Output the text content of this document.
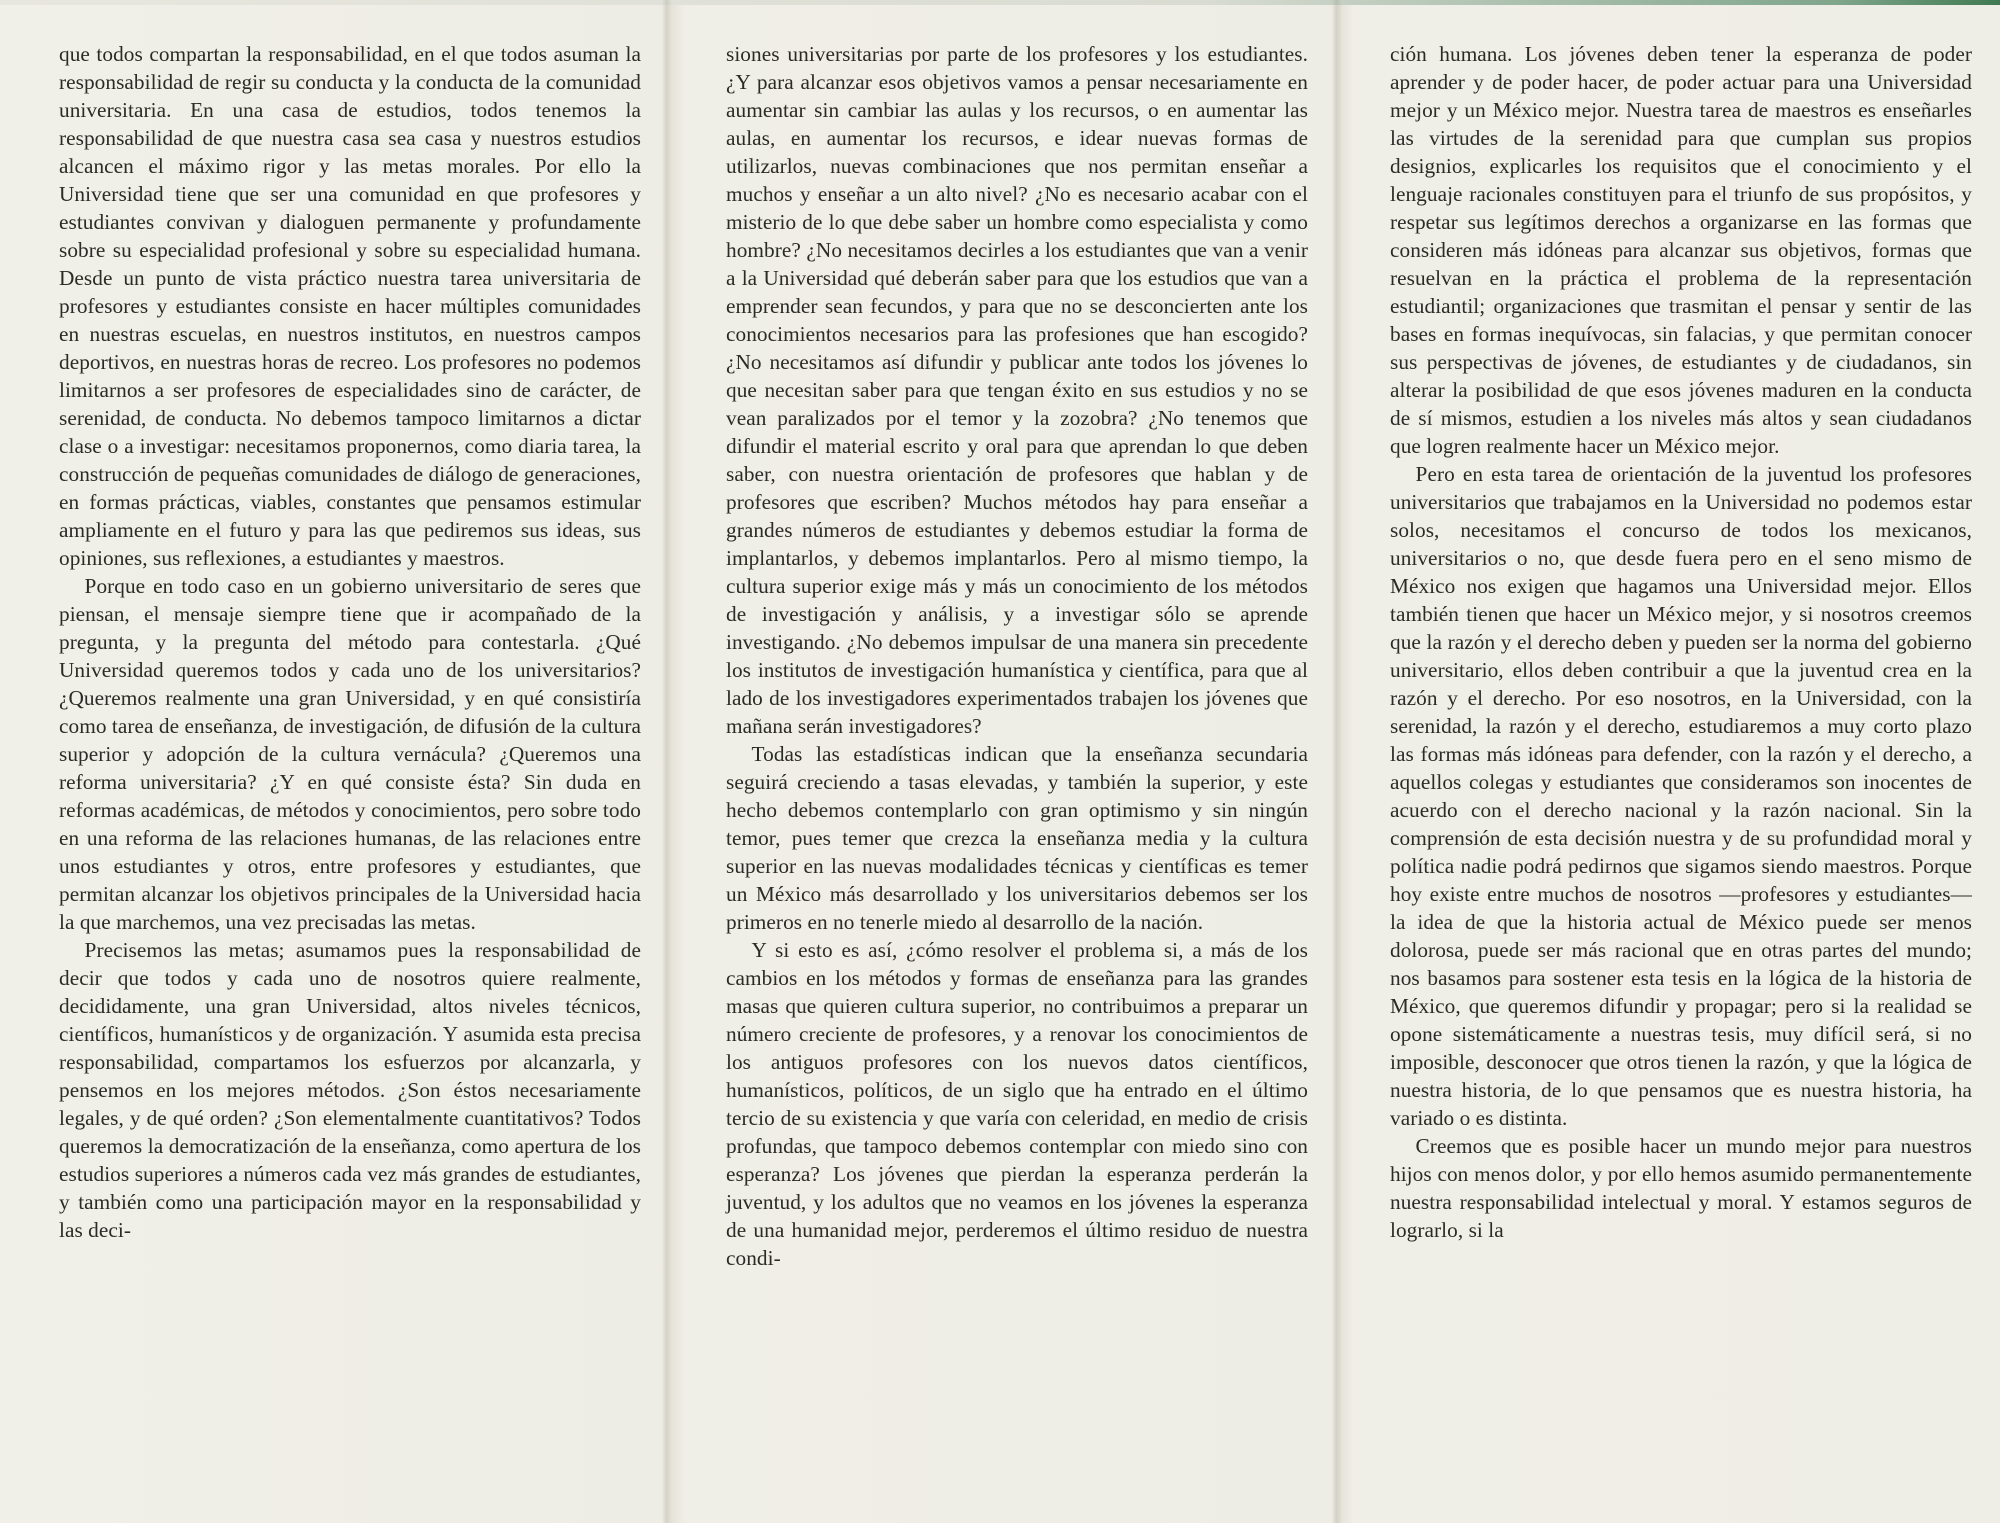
que todos compartan la responsabilidad, en el que todos asuman la responsabilidad de regir su conducta y la conducta de la comunidad universitaria. En una casa de estudios, todos tenemos la responsabilidad de que nuestra casa sea casa y nuestros estudios alcancen el máximo rigor y las metas morales. Por ello la Universidad tiene que ser una comunidad en que profesores y estudiantes convivan y dialoguen permanente y profundamente sobre su especialidad profesional y sobre su especialidad humana. Desde un punto de vista práctico nuestra tarea universitaria de profesores y estudiantes consiste en hacer múltiples comunidades en nuestras escuelas, en nuestros institutos, en nuestros campos deportivos, en nuestras horas de recreo. Los profesores no podemos limitarnos a ser profesores de especialidades sino de carácter, de serenidad, de conducta. No debemos tampoco limitarnos a dictar clase o a investigar: necesitamos proponernos, como diaria tarea, la construcción de pequeñas comunidades de diálogo de generaciones, en formas prácticas, viables, constantes que pensamos estimular ampliamente en el futuro y para las que pediremos sus ideas, sus opiniones, sus reflexiones, a estudiantes y maestros.

Porque en todo caso en un gobierno universitario de seres que piensan, el mensaje siempre tiene que ir acompañado de la pregunta, y la pregunta del método para contestarla. ¿Qué Universidad queremos todos y cada uno de los universitarios? ¿Queremos realmente una gran Universidad, y en qué consistiría como tarea de enseñanza, de investigación, de difusión de la cultura superior y adopción de la cultura vernácula? ¿Queremos una reforma universitaria? ¿Y en qué consiste ésta? Sin duda en reformas académicas, de métodos y conocimientos, pero sobre todo en una reforma de las relaciones humanas, de las relaciones entre unos estudiantes y otros, entre profesores y estudiantes, que permitan alcanzar los objetivos principales de la Universidad hacia la que marchemos, una vez precisadas las metas.

Precisemos las metas; asumamos pues la responsabilidad de decir que todos y cada uno de nosotros quiere realmente, decididamente, una gran Universidad, altos niveles técnicos, científicos, humanísticos y de organización. Y asumida esta precisa responsabilidad, compartamos los esfuerzos por alcanzarla, y pensemos en los mejores métodos. ¿Son éstos necesariamente legales, y de qué orden? ¿Son elementalmente cuantitativos? Todos queremos la democratización de la enseñanza, como apertura de los estudios superiores a números cada vez más grandes de estudiantes, y también como una participación mayor en la responsabilidad y las deci-

siones universitarias por parte de los profesores y los estudiantes. ¿Y para alcanzar esos objetivos vamos a pensar necesariamente en aumentar sin cambiar las aulas y los recursos, o en aumentar las aulas, en aumentar los recursos, e idear nuevas formas de utilizarlos, nuevas combinaciones que nos permitan enseñar a muchos y enseñar a un alto nivel? ¿No es necesario acabar con el misterio de lo que debe saber un hombre como especialista y como hombre? ¿No necesitamos decirles a los estudiantes que van a venir a la Universidad qué deberán saber para que los estudios que van a emprender sean fecundos, y para que no se desconcierten ante los conocimientos necesarios para las profesiones que han escogido? ¿No necesitamos así difundir y publicar ante todos los jóvenes lo que necesitan saber para que tengan éxito en sus estudios y no se vean paralizados por el temor y la zozobra? ¿No tenemos que difundir el material escrito y oral para que aprendan lo que deben saber, con nuestra orientación de profesores que hablan y de profesores que escriben? Muchos métodos hay para enseñar a grandes números de estudiantes y debemos estudiar la forma de implantarlos, y debemos implantarlos. Pero al mismo tiempo, la cultura superior exige más y más un conocimiento de los métodos de investigación y análisis, y a investigar sólo se aprende investigando. ¿No debemos impulsar de una manera sin precedente los institutos de investigación humanística y científica, para que al lado de los investigadores experimentados trabajen los jóvenes que mañana serán investigadores?

Todas las estadísticas indican que la enseñanza secundaria seguirá creciendo a tasas elevadas, y también la superior, y este hecho debemos contemplarlo con gran optimismo y sin ningún temor, pues temer que crezca la enseñanza media y la cultura superior en las nuevas modalidades técnicas y científicas es temer un México más desarrollado y los universitarios debemos ser los primeros en no tenerle miedo al desarrollo de la nación.

Y si esto es así, ¿cómo resolver el problema si, a más de los cambios en los métodos y formas de enseñanza para las grandes masas que quieren cultura superior, no contribuimos a preparar un número creciente de profesores, y a renovar los conocimientos de los antiguos profesores con los nuevos datos científicos, humanísticos, políticos, de un siglo que ha entrado en el último tercio de su existencia y que varía con celeridad, en medio de crisis profundas, que tampoco debemos contemplar con miedo sino con esperanza? Los jóvenes que pierdan la esperanza perderán la juventud, y los adultos que no veamos en los jóvenes la esperanza de una humanidad mejor, perderemos el último residuo de nuestra condi-

ción humana. Los jóvenes deben tener la esperanza de poder aprender y de poder hacer, de poder actuar para una Universidad mejor y un México mejor. Nuestra tarea de maestros es enseñarles las virtudes de la serenidad para que cumplan sus propios designios, explicarles los requisitos que el conocimiento y el lenguaje racionales constituyen para el triunfo de sus propósitos, y respetar sus legítimos derechos a organizarse en las formas que consideren más idóneas para alcanzar sus objetivos, formas que resuelvan en la práctica el problema de la representación estudiantil; organizaciones que trasmitan el pensar y sentir de las bases en formas inequívocas, sin falacias, y que permitan conocer sus perspectivas de jóvenes, de estudiantes y de ciudadanos, sin alterar la posibilidad de que esos jóvenes maduren en la conducta de sí mismos, estudien a los niveles más altos y sean ciudadanos que logren realmente hacer un México mejor.

Pero en esta tarea de orientación de la juventud los profesores universitarios que trabajamos en la Universidad no podemos estar solos, necesitamos el concurso de todos los mexicanos, universitarios o no, que desde fuera pero en el seno mismo de México nos exigen que hagamos una Universidad mejor. Ellos también tienen que hacer un México mejor, y si nosotros creemos que la razón y el derecho deben y pueden ser la norma del gobierno universitario, ellos deben contribuir a que la juventud crea en la razón y el derecho. Por eso nosotros, en la Universidad, con la serenidad, la razón y el derecho, estudiaremos a muy corto plazo las formas más idóneas para defender, con la razón y el derecho, a aquellos colegas y estudiantes que consideramos son inocentes de acuerdo con el derecho nacional y la razón nacional. Sin la comprensión de esta decisión nuestra y de su profundidad moral y política nadie podrá pedirnos que sigamos siendo maestros. Porque hoy existe entre muchos de nosotros —profesores y estudiantes— la idea de que la historia actual de México puede ser menos dolorosa, puede ser más racional que en otras partes del mundo; nos basamos para sostener esta tesis en la lógica de la historia de México, que queremos difundir y propagar; pero si la realidad se opone sistemáticamente a nuestras tesis, muy difícil será, si no imposible, desconocer que otros tienen la razón, y que la lógica de nuestra historia, de lo que pensamos que es nuestra historia, ha variado o es distinta.

Creemos que es posible hacer un mundo mejor para nuestros hijos con menos dolor, y por ello hemos asumido permanentemente nuestra responsabilidad intelectual y moral. Y estamos seguros de lograrlo, si la
